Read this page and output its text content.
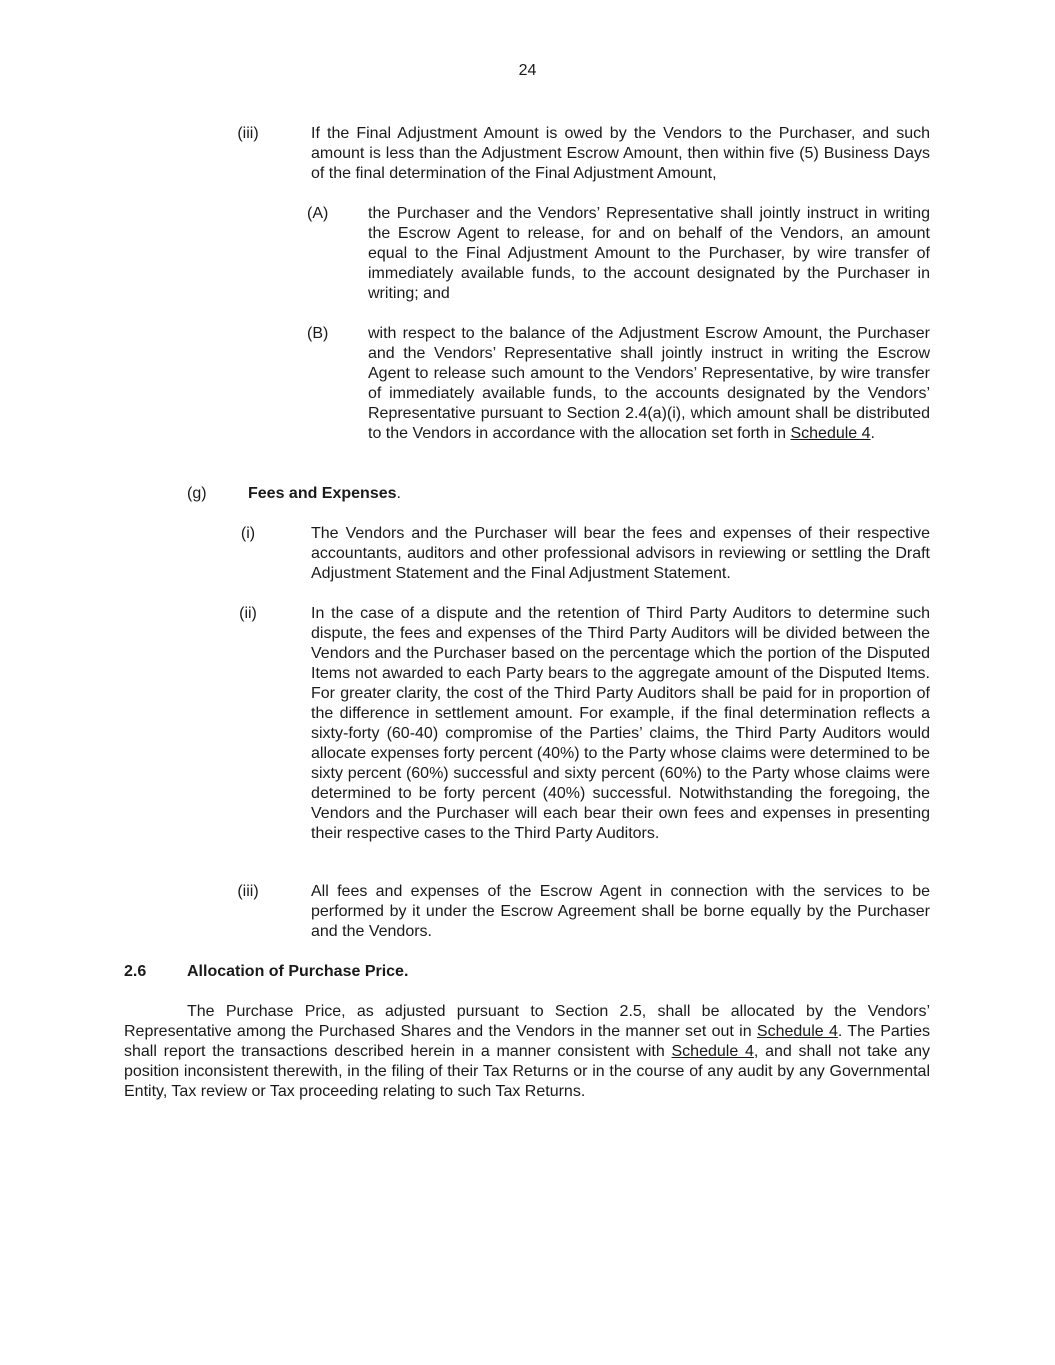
24
(iii)	If the Final Adjustment Amount is owed by the Vendors to the Purchaser, and such amount is less than the Adjustment Escrow Amount, then within five (5) Business Days of the final determination of the Final Adjustment Amount,
(A) the Purchaser and the Vendors’ Representative shall jointly instruct in writing the Escrow Agent to release, for and on behalf of the Vendors, an amount equal to the Final Adjustment Amount to the Purchaser, by wire transfer of immediately available funds, to the account designated by the Purchaser in writing; and
(B) with respect to the balance of the Adjustment Escrow Amount, the Purchaser and the Vendors’ Representative shall jointly instruct in writing the Escrow Agent to release such amount to the Vendors’ Representative, by wire transfer of immediately available funds, to the accounts designated by the Vendors’ Representative pursuant to Section 2.4(a)(i), which amount shall be distributed to the Vendors in accordance with the allocation set forth in Schedule 4.
(g)	Fees and Expenses.
(i)	The Vendors and the Purchaser will bear the fees and expenses of their respective accountants, auditors and other professional advisors in reviewing or settling the Draft Adjustment Statement and the Final Adjustment Statement.
(ii)	In the case of a dispute and the retention of Third Party Auditors to determine such dispute, the fees and expenses of the Third Party Auditors will be divided between the Vendors and the Purchaser based on the percentage which the portion of the Disputed Items not awarded to each Party bears to the aggregate amount of the Disputed Items. For greater clarity, the cost of the Third Party Auditors shall be paid for in proportion of the difference in settlement amount. For example, if the final determination reflects a sixty-forty (60-40) compromise of the Parties’ claims, the Third Party Auditors would allocate expenses forty percent (40%) to the Party whose claims were determined to be sixty percent (60%) successful and sixty percent (60%) to the Party whose claims were determined to be forty percent (40%) successful. Notwithstanding the foregoing, the Vendors and the Purchaser will each bear their own fees and expenses in presenting their respective cases to the Third Party Auditors.
(iii)	All fees and expenses of the Escrow Agent in connection with the services to be performed by it under the Escrow Agreement shall be borne equally by the Purchaser and the Vendors.
2.6	Allocation of Purchase Price.
The Purchase Price, as adjusted pursuant to Section 2.5, shall be allocated by the Vendors’ Representative among the Purchased Shares and the Vendors in the manner set out in Schedule 4. The Parties shall report the transactions described herein in a manner consistent with Schedule 4, and shall not take any position inconsistent therewith, in the filing of their Tax Returns or in the course of any audit by any Governmental Entity, Tax review or Tax proceeding relating to such Tax Returns.
